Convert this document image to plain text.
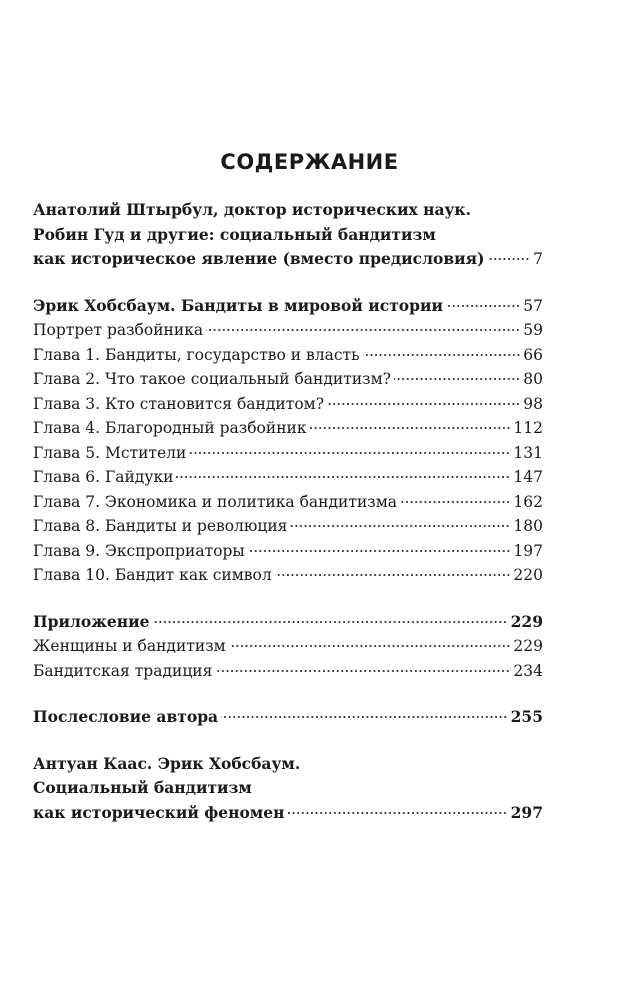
СОДЕРЖАНИЕ
Анатолий Штырбул, доктор исторических наук.
Робин Гуд и другие: социальный бандитизм
как историческое явление (вместо предисловия)	7
Эрик Хобсбаум. Бандиты в мировой истории	57
Портрет разбойника	59
Глава 1. Бандиты, государство и власть	66
Глава 2. Что такое социальный бандитизм?	80
Глава 3. Кто становится бандитом?	98
Глава 4. Благородный разбойник	112
Глава 5. Мстители	131
Глава 6. Гайдуки	147
Глава 7. Экономика и политика бандитизма	162
Глава 8. Бандиты и революция	180
Глава 9. Экспроприаторы	197
Глава 10. Бандит как символ	220
Приложение	229
Женщины и бандитизм	229
Бандитская традиция	234
Послесловие автора	255
Антуан Каас. Эрик Хобсбаум.
Социальный бандитизм
как исторический феномен	297
